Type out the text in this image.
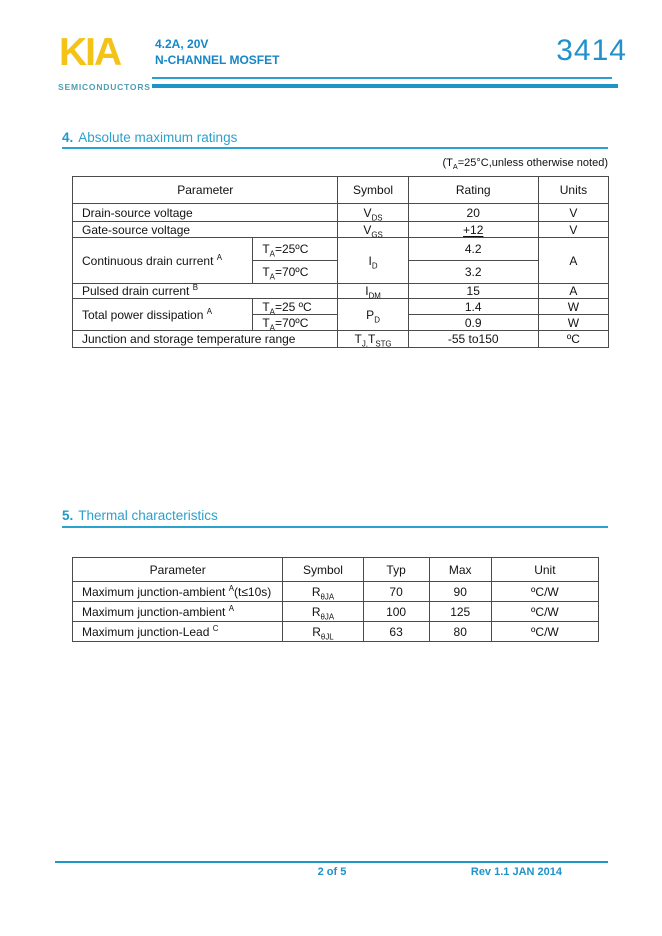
KIA
SEMICONDUCTORS
4.2A, 20V
N-CHANNEL MOSFET	3414
4. Absolute maximum ratings
($T_A=25^\circ C,unless$ otherwise noted)
Parameter		Symbol	Rating	Units
Drain-source voltage		$V_{DS}$	20	V
Gate-source voltage		$V_{GS}$	+12	V
Continuous drain current $^A$	$T_A=25ºC$	$I_D$	4.2	A
	$T_A=70ºC$		3.2	
Pulsed drain current $^B$		$I_{DM}$	15	A
Total power dissipation $^A$	$T_A=25$ ºC	$P_D$	1.4	W
	$T_A=70ºC$		0.9	W
Junction and storage temperature range		$T_{J,}T_{STG}$	-55 to150	ºC
5. Thermal characteristics
Parameter	Symbol	Typ	Max	Unit
Maximum junction-ambient $^A$(t≤10s)	$R_{\theta JA}$	70	90	ºC/W
Maximum junction-ambient $^A$	$R_{\theta JA}$	100	125	ºC/W
Maximum junction-Lead $^C$	$R_{\theta JL}$	63	80	ºC/W
2 of 5	Rev 1.1 JAN 2014
